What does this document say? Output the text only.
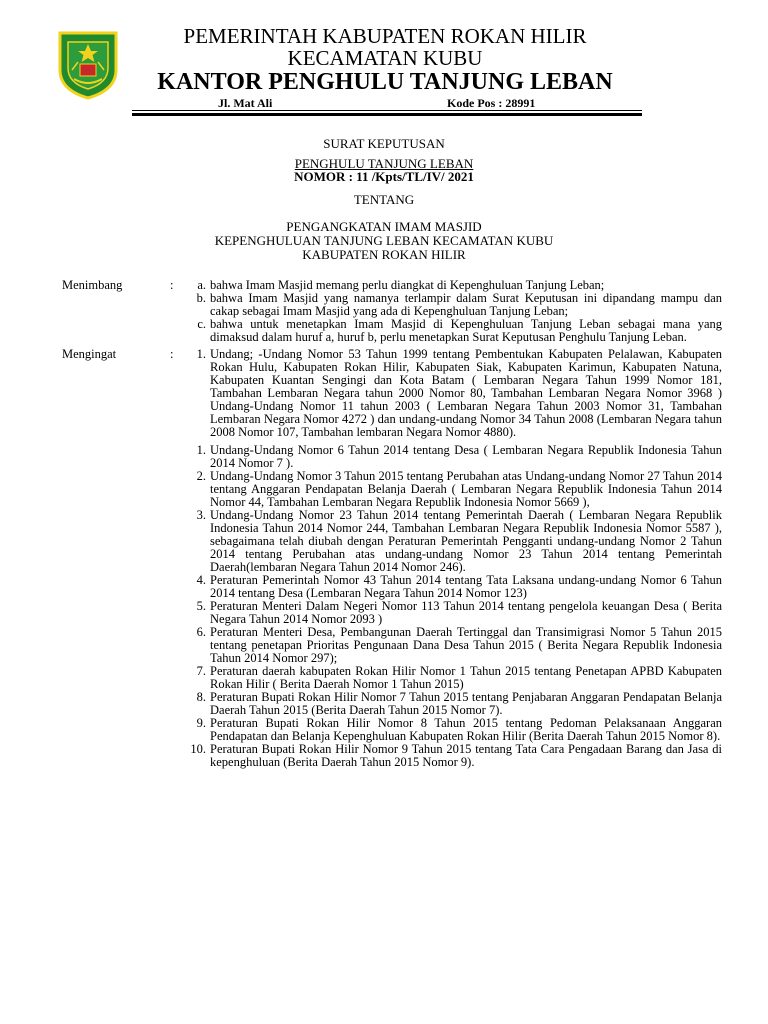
PEMERINTAH KABUPATEN ROKAN HILIR
KECAMATAN KUBU
KANTOR PENGHULU TANJUNG LEBAN
Jl. Mat Ali	Kode Pos : 28991
SURAT KEPUTUSAN
PENGHULU TANJUNG LEBAN
NOMOR : 11 /Kpts/TL/IV/ 2021
TENTANG
PENGANGKATAN IMAM MASJID
KEPENGHULUAN TANJUNG LEBAN KECAMATAN KUBU
KABUPATEN ROKAN HILIR
Menimbang	:	a. bahwa Imam Masjid memang perlu diangkat di Kepenghuluan Tanjung Leban;
b. bahwa Imam Masjid yang namanya terlampir dalam Surat Keputusan ini dipandang mampu dan cakap sebagai Imam Masjid yang ada di Kepenghuluan Tanjung Leban;
c. bahwa untuk menetapkan Imam Masjid di Kepenghuluan Tanjung Leban sebagai mana yang dimaksud dalam huruf a, huruf b, perlu menetapkan Surat Keputusan Penghulu Tanjung Leban.
Mengingat	:	1. Undang; -Undang Nomor 53 Tahun 1999 tentang Pembentukan Kabupaten Pelalawan, Kabupaten Rokan Hulu, Kabupaten Rokan Hilir, Kabupaten Siak, Kabupaten Karimun, Kabupaten Natuna, Kabupaten Kuantan Sengingi dan Kota Batam ( Lembaran Negara Tahun 1999 Nomor 181, Tambahan Lembaran Negara tahun 2000 Nomor 80, Tambahan Lembaran Negara Nomor 3968 ) Undang-Undang Nomor 11 tahun 2003 ( Lembaran Negara Tahun 2003 Nomor 31, Tambahan Lembaran Negara Nomor 4272 ) dan undang-undang Nomor 34 Tahun 2008 (Lembaran Negara tahun 2008 Nomor 107, Tambahan lembaran Negara Nomor 4880).
1. Undang-Undang Nomor 6 Tahun 2014 tentang Desa ( Lembaran Negara Republik Indonesia Tahun 2014 Nomor 7 ).
2. Undang-Undang Nomor 3 Tahun 2015 tentang Perubahan atas Undang-undang Nomor 27 Tahun 2014 tentang Anggaran Pendapatan Belanja Daerah ( Lembaran Negara Republik Indonesia Tahun 2014 Nomor 44, Tambahan Lembaran Negara Republik Indonesia Nomor 5669 ),
3. Undang-Undang Nomor 23 Tahun 2014 tentang Pemerintah Daerah ( Lembaran Negara Republik Indonesia Tahun 2014 Nomor 244, Tambahan Lembaran Negara Republik Indonesia Nomor 5587 ), sebagaimana telah diubah dengan Peraturan Pemerintah Pengganti undang-undang Nomor 2 Tahun 2014 tentang Perubahan atas undang-undang Nomor 23 Tahun 2014 tentang Pemerintah Daerah(lembaran Negara Tahun 2014 Nomor 246).
4. Peraturan Pemerintah Nomor 43 Tahun 2014 tentang Tata Laksana undang-undang Nomor 6 Tahun 2014 tentang Desa (Lembaran Negara Tahun 2014 Nomor 123)
5. Peraturan Menteri Dalam Negeri Nomor 113 Tahun 2014 tentang pengelola keuangan Desa ( Berita Negara Tahun 2014 Nomor 2093 )
6. Peraturan Menteri Desa, Pembangunan Daerah Tertinggal dan Transimigrasi Nomor 5 Tahun 2015 tentang penetapan Prioritas Pengunaan Dana Desa Tahun 2015 ( Berita Negara Republik Indonesia Tahun 2014 Nomor 297);
7. Peraturan daerah kabupaten Rokan Hilir Nomor 1 Tahun 2015 tentang Penetapan APBD Kabupaten Rokan Hilir ( Berita Daerah Nomor 1 Tahun 2015)
8. Peraturan Bupati Rokan Hilir Nomor 7 Tahun 2015 tentang Penjabaran Anggaran Pendapatan Belanja Daerah Tahun 2015 (Berita Daerah Tahun 2015 Nomor 7).
9. Peraturan Bupati Rokan Hilir Nomor 8 Tahun 2015 tentang Pedoman Pelaksanaan Anggaran Pendapatan dan Belanja Kepenghuluan Kabupaten Rokan Hilir (Berita Daerah Tahun 2015 Nomor 8).
10. Peraturan Bupati Rokan Hilir Nomor 9 Tahun 2015 tentang Tata Cara Pengadaan Barang dan Jasa di kepenghuluan (Berita Daerah Tahun 2015 Nomor 9).
